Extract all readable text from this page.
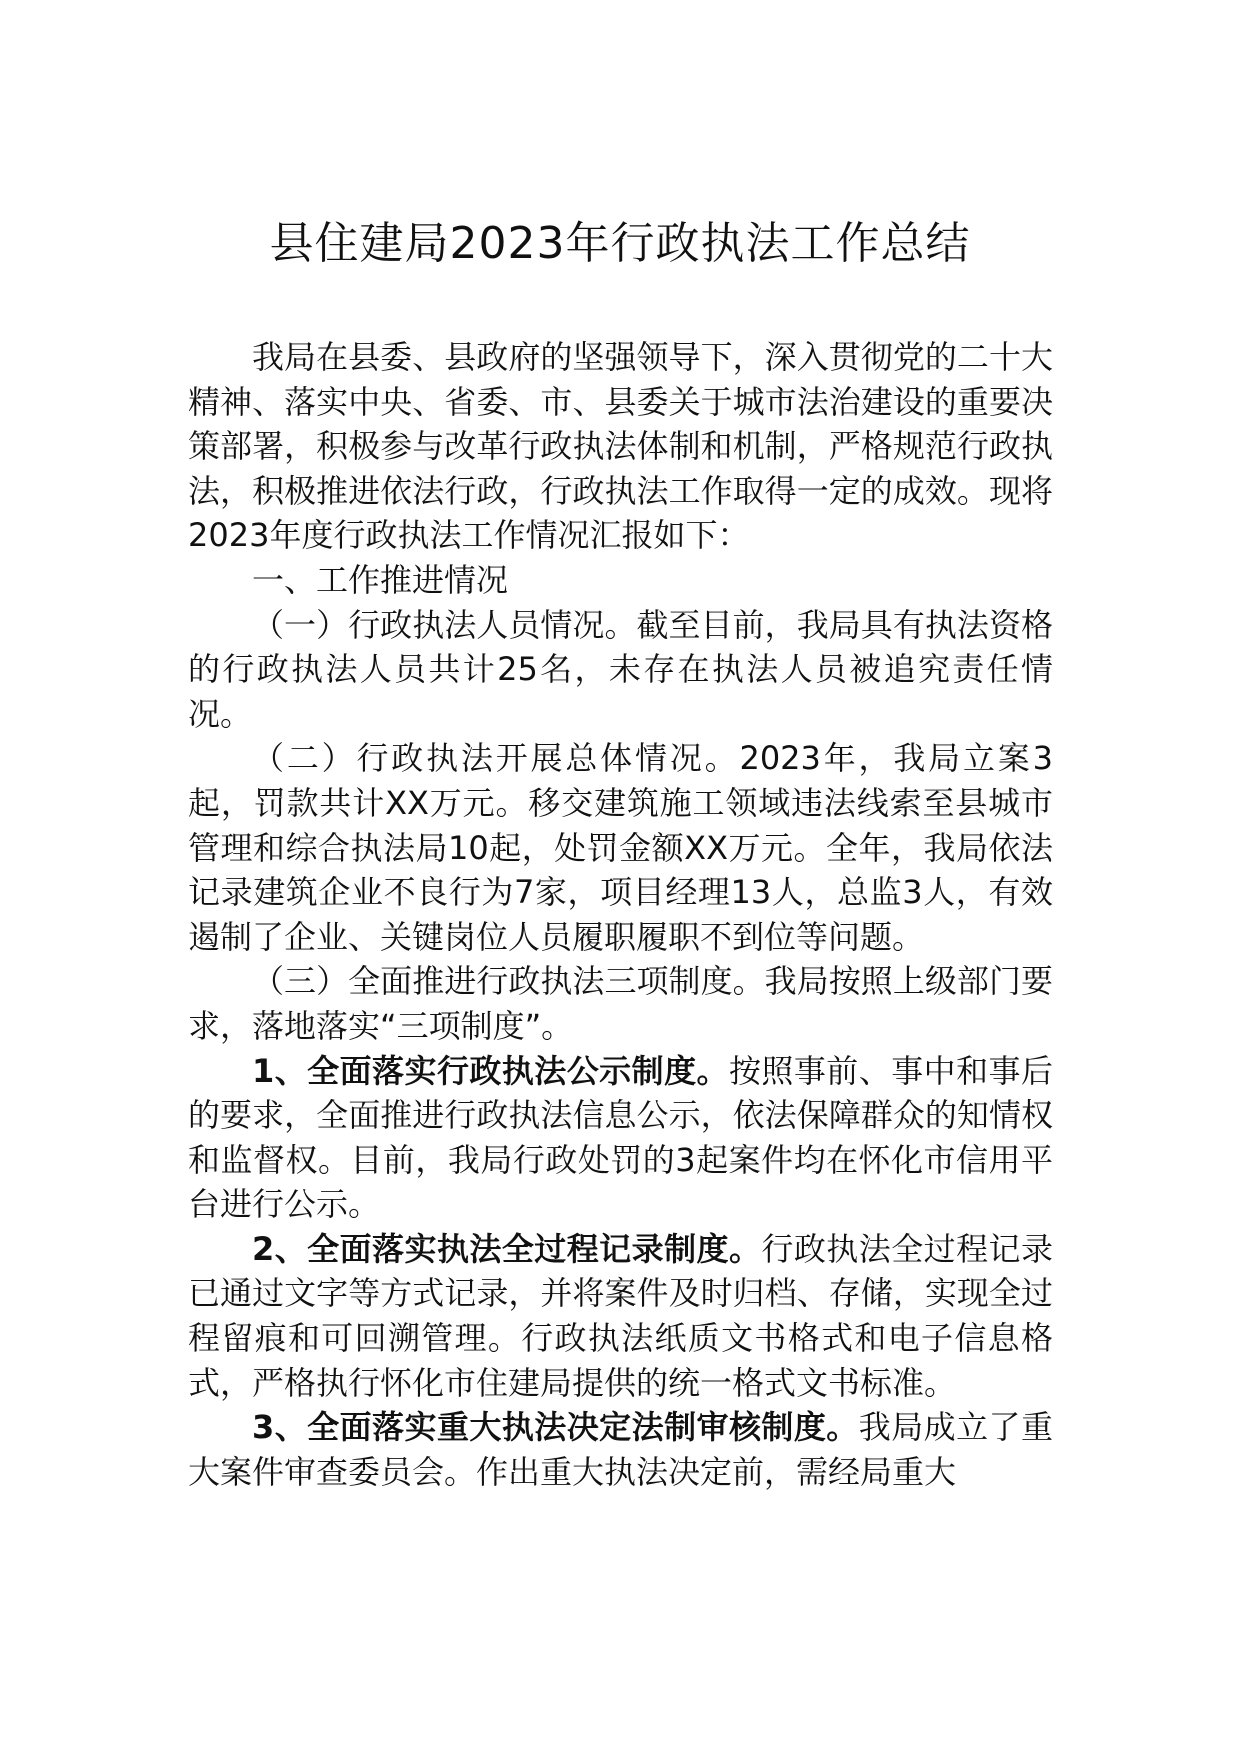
县住建局2023年行政执法工作总结

我局在县委、县政府的坚强领导下，深入贯彻党的二十大精神、落实中央、省委、市、县委关于城市法治建设的重要决策部署，积极参与改革行政执法体制和机制，严格规范行政执法，积极推进依法行政，行政执法工作取得一定的成效。现将2023年度行政执法工作情况汇报如下：

一、工作推进情况

（一）行政执法人员情况。截至目前，我局具有执法资格的行政执法人员共计25名，未存在执法人员被追究责任情况。

（二）行政执法开展总体情况。2023年，我局立案3起，罚款共计XX万元。移交建筑施工领域违法线索至县城市管理和综合执法局10起，处罚金额XX万元。全年，我局依法记录建筑企业不良行为7家，项目经理13人，总监3人，有效遏制了企业、关键岗位人员履职履职不到位等问题。

（三）全面推进行政执法三项制度。我局按照上级部门要求，落地落实“三项制度”。

1、全面落实行政执法公示制度。按照事前、事中和事后的要求，全面推进行政执法信息公示，依法保障群众的知情权和监督权。目前，我局行政处罚的3起案件均在怀化市信用平台进行公示。

2、全面落实执法全过程记录制度。行政执法全过程记录已通过文字等方式记录，并将案件及时归档、存储，实现全过程留痕和可回溯管理。行政执法纸质文书格式和电子信息格式，严格执行怀化市住建局提供的统一格式文书标准。

3、全面落实重大执法决定法制审核制度。我局成立了重大案件审查委员会。作出重大执法决定前，需经局重大
